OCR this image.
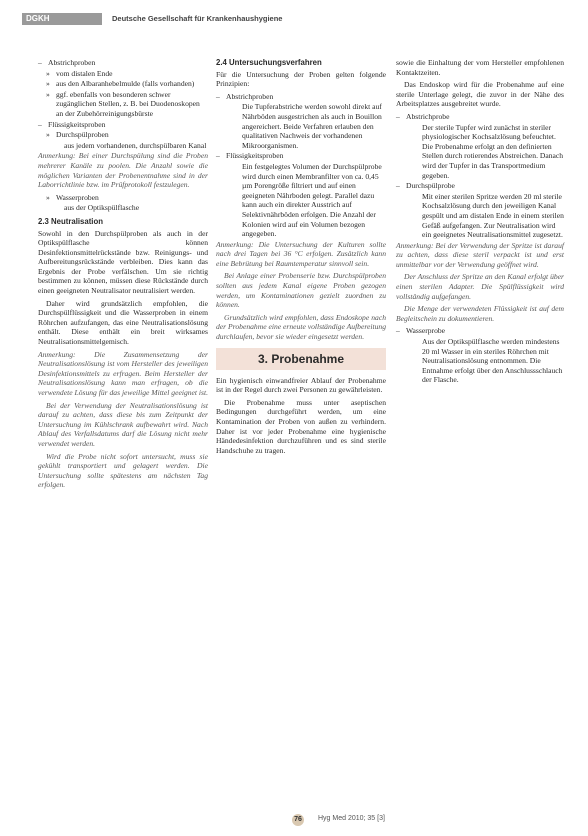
DGKH	Deutsche Gesellschaft für Krankenhaushygiene
– Abstrichproben
» vom distalen Ende
» aus den Albaranhebelmulde (falls vorhanden)
» ggf. ebenfalls von besonderen schwer zugänglichen Stellen, z. B. bei Duodenoskopen an der Zubehörreinigungsbürste
– Flüssigkeitsproben
» Durchspülproben
aus jedem vorhandenen, durchspülbaren Kanal

Anmerkung: Bei einer Durchspülung sind die Proben mehrerer Kanäle zu poolen. Die Anzahl sowie die möglichen Varianten der Probenentnahme sind in der Laborrichtlinie bzw. im Prüfprotokoll festzulegen.

» Wasserproben
aus der Optikspülflasche
2.3 Neutralisation

Sowohl in den Durchspülproben als auch in der Optikspülflasche können Desinfektionsmittelrückstände bzw. Reinigungs- und Aufbereitungsrückstände verbleiben. Dies kann das Ergebnis der Probe verfälschen. Um sie richtig bestimmen zu können, müssen diese Rückstände durch einen geeigneten Neutralisator neutralisiert werden.

Daher wird grundsätzlich empfohlen, die Durchspülflüssigkeit und die Wasserproben in einem Röhrchen aufzufangen, das eine Neutralisationslösung enthält. Diese enthält ein breit wirksames Neutralisationsmittelgemisch.

Anmerkung: Die Zusammensetzung der Neutralisationslösung ist vom Hersteller des jeweiligen Desinfektionsmittels zu erfragen. Beim Hersteller der Neutralisationslösung kann man erfragen, ob die verwendete Lösung für das jeweilige Mittel geeignet ist.

Bei der Verwendung der Neutralisationslösung ist darauf zu achten, dass diese bis zum Zeitpunkt der Untersuchung im Kühlschrank aufbewahrt wird. Nach Ablauf des Verfallsdatums darf die Lösung nicht mehr verwendet werden.

Wird die Probe nicht sofort untersucht, muss sie gekühlt transportiert und gelagert werden. Die Untersuchung sollte spätestens am nächsten Tag erfolgen.

2.4 Untersuchungsverfahren

Für die Untersuchung der Proben gelten folgende Prinzipien:

– Abstrichproben
Die Tupferabstriche werden sowohl direkt auf Nährböden ausgestrichen als auch in Bouillon angereichert. Beide Verfahren erlauben den qualitativen Nachweis der vorhandenen Mikroorganismen.
– Flüssigkeitsproben
Ein festgelegtes Volumen der Durchspülprobe wird durch einen Membranfilter von ca. 0,45 µm Porengröße filtriert und auf einen geeigneten Nährboden gelegt. Parallel dazu kann auch ein direkter Ausstrich auf Selektivnährböden erfolgen. Die Anzahl der Kolonien wird auf ein Volumen bezogen angegeben.

Anmerkung: Die Untersuchung der Kulturen sollte nach drei Tagen bei 36 °C erfolgen. Zusätzlich kann eine Bebrütung bei Raumtemperatur sinnvoll sein.

Bei Anlage einer Probenserie bzw. Durchspülproben sollten aus jedem Kanal eigene Proben gezogen werden, um Kontaminationen gezielt zuordnen zu können.

Grundsätzlich wird empfohlen, dass Endoskope nach der Probenahme eine erneute vollständige Aufbereitung durchlaufen, bevor sie wieder eingesetzt werden.

3. Probenahme

Ein hygienisch einwandfreier Ablauf der Probenahme ist in der Regel durch zwei Personen zu gewährleisten.

Die Probenahme muss unter aseptischen Bedingungen durchgeführt werden, um eine Kontamination der Proben von außen zu verhindern. Daher ist vor jeder Probenahme eine hygienische Händedesinfektion durchzuführen und es sind sterile Handschuhe zu tragen.

sowie die Einhaltung der vom Hersteller empfohlenen Kontaktzeiten.

Das Endoskop wird für die Probenahme auf eine sterile Unterlage gelegt, die zuvor in der Nähe des Arbeitsplatzes ausgebreitet wurde.

– Abstrichprobe
Der sterile Tupfer wird zunächst in steriler physiologischer Kochsalzlösung befeuchtet. Die Probenahme erfolgt an den definierten Stellen durch rotierendes Abstreichen. Danach wird der Tupfer in das Transportmedium gegeben.
– Durchspülprobe
Mit einer sterilen Spritze werden 20 ml sterile Kochsalzlösung durch den jeweiligen Kanal gespült und am distalen Ende in einem sterilen Gefäß aufgefangen. Zur Neutralisation wird ein geeignetes Neutralisationsmittel zugesetzt.

Anmerkung: Bei der Verwendung der Spritze ist darauf zu achten, dass diese steril verpackt ist und erst unmittelbar vor der Verwendung geöffnet wird.

Der Anschluss der Spritze an den Kanal erfolgt über einen sterilen Adapter. Die Spülflüssigkeit wird vollständig aufgefangen.

Die Menge der verwendeten Flüssigkeit ist auf dem Begleitschein zu dokumentieren.

– Wasserprobe
Aus der Optikspülflasche werden mindestens 20 ml Wasser in ein steriles Röhrchen mit Neutralisationslösung entnommen. Die Entnahme erfolgt über den Anschlussschlauch der Flasche.
76	Hyg Med 2010; 35 [3]
